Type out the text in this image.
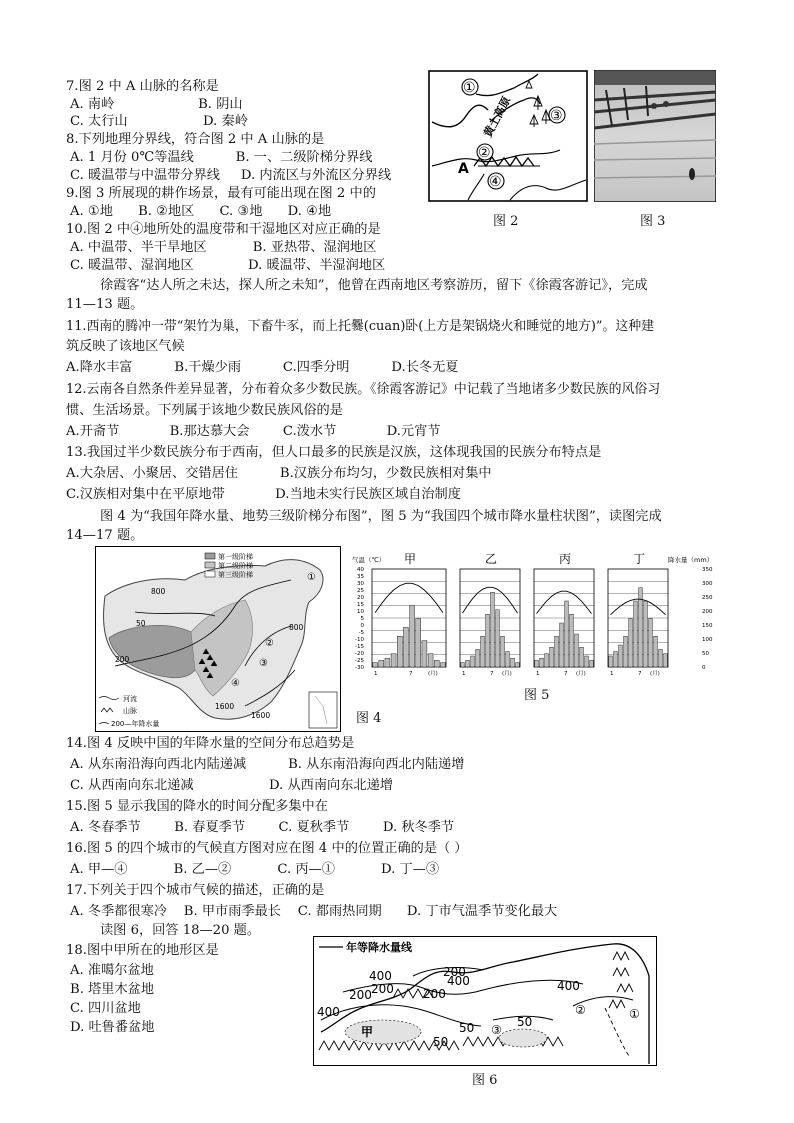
7.图 2 中 A 山脉的名称是
A. 南岭                    B. 阴山
C. 太行山                  D. 秦岭
8.下列地理分界线，符合图 2 中 A 山脉的是
A. 1 月份 0℃等温线          B. 一、二级阶梯分界线
C. 暖温带与中温带分界线     D. 内流区与外流区分界线
9.图 3 所展现的耕作场景，最有可能出现在图 2 中的
A. ①地      B. ②地区      C. ③地      D. ④地
10.图 2 中④地所处的温度带和干湿地区对应正确的是
A. 中温带、半干旱地区           B. 亚热带、湿润地区
C. 暖温带、湿润地区             D. 暖温带、半湿润地区
徐霞客“达人所之未达，探人所之未知”，他曾在西南地区考察游历，留下《徐霞客游记》，完成
11—13 题。
11.西南的腾冲一带“架竹为巢，下畜牛豕，而上托爨(cuan)卧(上方是架锅烧火和睡觉的地方)”。这种建
筑反映了该地区气候
A.降水丰富          B.干燥少雨          C.四季分明          D.长冬无夏
12.云南各自然条件差异显著，分布着众多少数民族。《徐霞客游记》中记载了当地诸多少数民族的风俗习
惯、生活场景。下列属于该地少数民族风俗的是
A.开斋节            B.那达慕大会        C.泼水节            D.元宵节
13.我国过半少数民族分布于西南，但人口最多的民族是汉族，这体现我国的民族分布特点是
A.大杂居、小聚居、交错居住          B.汉族分布均匀，少数民族相对集中
C.汉族相对集中在平原地带            D.当地未实行民族区域自治制度
图 4 为“我国年降水量、地势三级阶梯分布图”，图 5 为“我国四个城市降水量柱状图”，读图完成
14—17 题。
14.图 4 反映中国的年降水量的空间分布总趋势是
A. 从东南沿海向西北内陆递减          B. 从东南沿海向西北内陆递增
C. 从西南向东北递减                  D. 从西南向东北递增
15.图 5 显示我国的降水的时间分配多集中在
A. 冬春季节        B. 春夏季节        C. 夏秋季节        D. 秋冬季节
16.图 5 的四个城市的气候直方图对应在图 4 中的位置正确的是（ ）
A. 甲—④           B. 乙—②           C. 丙—①           D. 丁—③
17.下列关于四个城市气候的描述，正确的是
A. 冬季都很寒冷    B. 甲市雨季最长    C. 都雨热同期      D. 丁市气温季节变化最大
读图 6，回答 18—20 题。
18.图中甲所在的地形区是
A. 准噶尔盆地
B. 塔里木盆地
C. 四川盆地
D. 吐鲁番盆地
黄土高原
A
①
②
③
④
图 2	图 3
第一级阶梯
第二级阶梯
第三级阶梯
800
50	800
200
1600
1600
①
②
③
④
河流
山脉
200—年降水量	图 4
气温（℃）	降水量（mm）
40
35
30
25
20
15
10
5
0
-5
-10
-15
-20
-25
-30
350
300
250
200
150
100
50
0
甲
1	7	(月)
乙
1	7 (月)
丙
1	7 (月)
丁
1	7 (月)
图 5
年等降水量线
甲
400
200
200
400	400
400
200
200
50
50
50
②
③
①
图 6
